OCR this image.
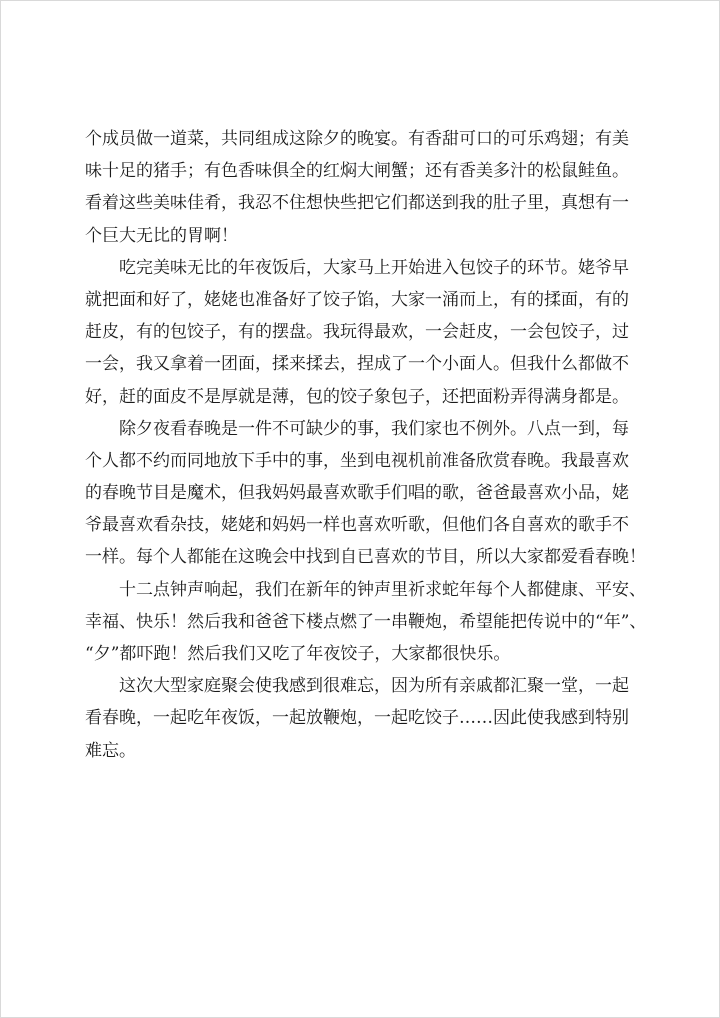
个成员做一道菜，共同组成这除夕的晚宴。有香甜可口的可乐鸡翅；有美
味十足的猪手；有色香味俱全的红焖大闸蟹；还有香美多汁的松鼠鲑鱼。
看着这些美味佳肴，我忍不住想快些把它们都送到我的肚子里，真想有一
个巨大无比的胃啊！
　　吃完美味无比的年夜饭后，大家马上开始进入包饺子的环节。姥爷早
就把面和好了，姥姥也准备好了饺子馅，大家一涌而上，有的揉面，有的
赶皮，有的包饺子，有的摆盘。我玩得最欢，一会赶皮，一会包饺子，过
一会，我又拿着一团面，揉来揉去，捏成了一个小面人。但我什么都做不
好，赶的面皮不是厚就是薄，包的饺子象包子，还把面粉弄得满身都是。
　　除夕夜看春晚是一件不可缺少的事，我们家也不例外。八点一到，每
个人都不约而同地放下手中的事，坐到电视机前准备欣赏春晚。我最喜欢
的春晚节目是魔术，但我妈妈最喜欢歌手们唱的歌，爸爸最喜欢小品，姥
爷最喜欢看杂技，姥姥和妈妈一样也喜欢听歌，但他们各自喜欢的歌手不
一样。每个人都能在这晚会中找到自已喜欢的节目，所以大家都爱看春晚！
　　十二点钟声响起，我们在新年的钟声里祈求蛇年每个人都健康、平安、
幸福、快乐！然后我和爸爸下楼点燃了一串鞭炮，希望能把传说中的“年”、
“夕”都吓跑！然后我们又吃了年夜饺子，大家都很快乐。
　　这次大型家庭聚会使我感到很难忘，因为所有亲戚都汇聚一堂，一起
看春晚，一起吃年夜饭，一起放鞭炮，一起吃饺子……因此使我感到特别
难忘。
